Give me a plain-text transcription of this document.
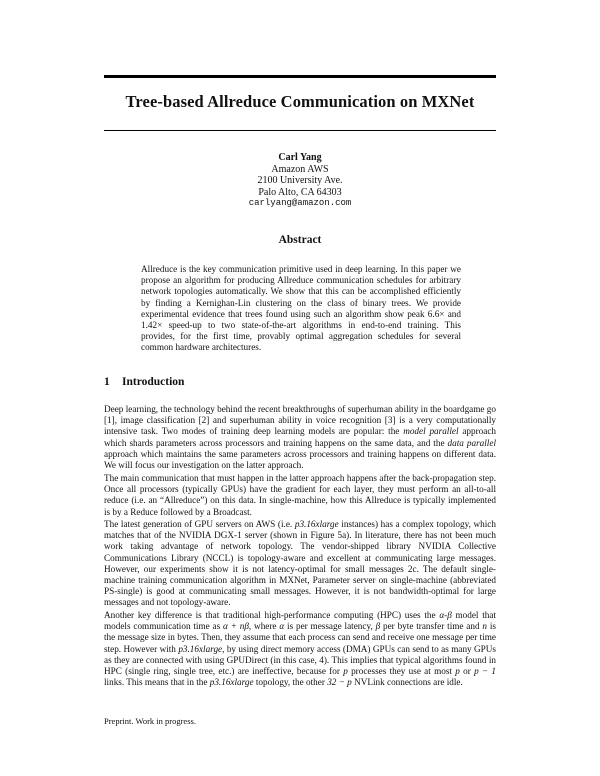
Tree-based Allreduce Communication on MXNet
Carl Yang
Amazon AWS
2100 University Ave.
Palo Alto, CA 64303
carlyang@amazon.com
Abstract

Allreduce is the key communication primitive used in deep learning. In this paper we propose an algorithm for producing Allreduce communication schedules for arbitrary network topologies automatically. We show that this can be accomplished efficiently by finding a Kernighan-Lin clustering on the class of binary trees. We provide experimental evidence that trees found using such an algorithm show peak 6.6× and 1.42× speed-up to two state-of-the-art algorithms in end-to-end training. This provides, for the first time, provably optimal aggregation schedules for several common hardware architectures.

1 Introduction

Deep learning, the technology behind the recent breakthroughs of superhuman ability in the boardgame go [1], image classification [2] and superhuman ability in voice recognition [3] is a very computationally intensive task. Two modes of training deep learning models are popular: the model parallel approach which shards parameters across processors and training happens on the same data, and the data parallel approach which maintains the same parameters across processors and training happens on different data. We will focus our investigation on the latter approach.

The main communication that must happen in the latter approach happens after the back-propagation step. Once all processors (typically GPUs) have the gradient for each layer, they must perform an all-to-all reduce (i.e. an “Allreduce”) on this data. In single-machine, how this Allreduce is typically implemented is by a Reduce followed by a Broadcast.

The latest generation of GPU servers on AWS (i.e. p3.16xlarge instances) has a complex topology, which matches that of the NVIDIA DGX-1 server (shown in Figure 5a). In literature, there has not been much work taking advantage of network topology. The vendor-shipped library NVIDIA Collective Communications Library (NCCL) is topology-aware and excellent at communicating large messages. However, our experiments show it is not latency-optimal for small messages 2c. The default single-machine training communication algorithm in MXNet, Parameter server on single-machine (abbreviated PS-single) is good at communicating small messages. However, it is not bandwidth-optimal for large messages and not topology-aware.

Another key difference is that traditional high-performance computing (HPC) uses the α-β model that models communication time as α + nβ, where α is per message latency, β per byte transfer time and n is the message size in bytes. Then, they assume that each process can send and receive one message per time step. However with p3.16xlarge, by using direct memory access (DMA) GPUs can send to as many GPUs as they are connected with using GPUDirect (in this case, 4). This implies that typical algorithms found in HPC (single ring, single tree, etc.) are ineffective, because for p processes they use at most p or p − 1 links. This means that in the p3.16xlarge topology, the other 32 − p NVLink connections are idle.

Preprint. Work in progress.
